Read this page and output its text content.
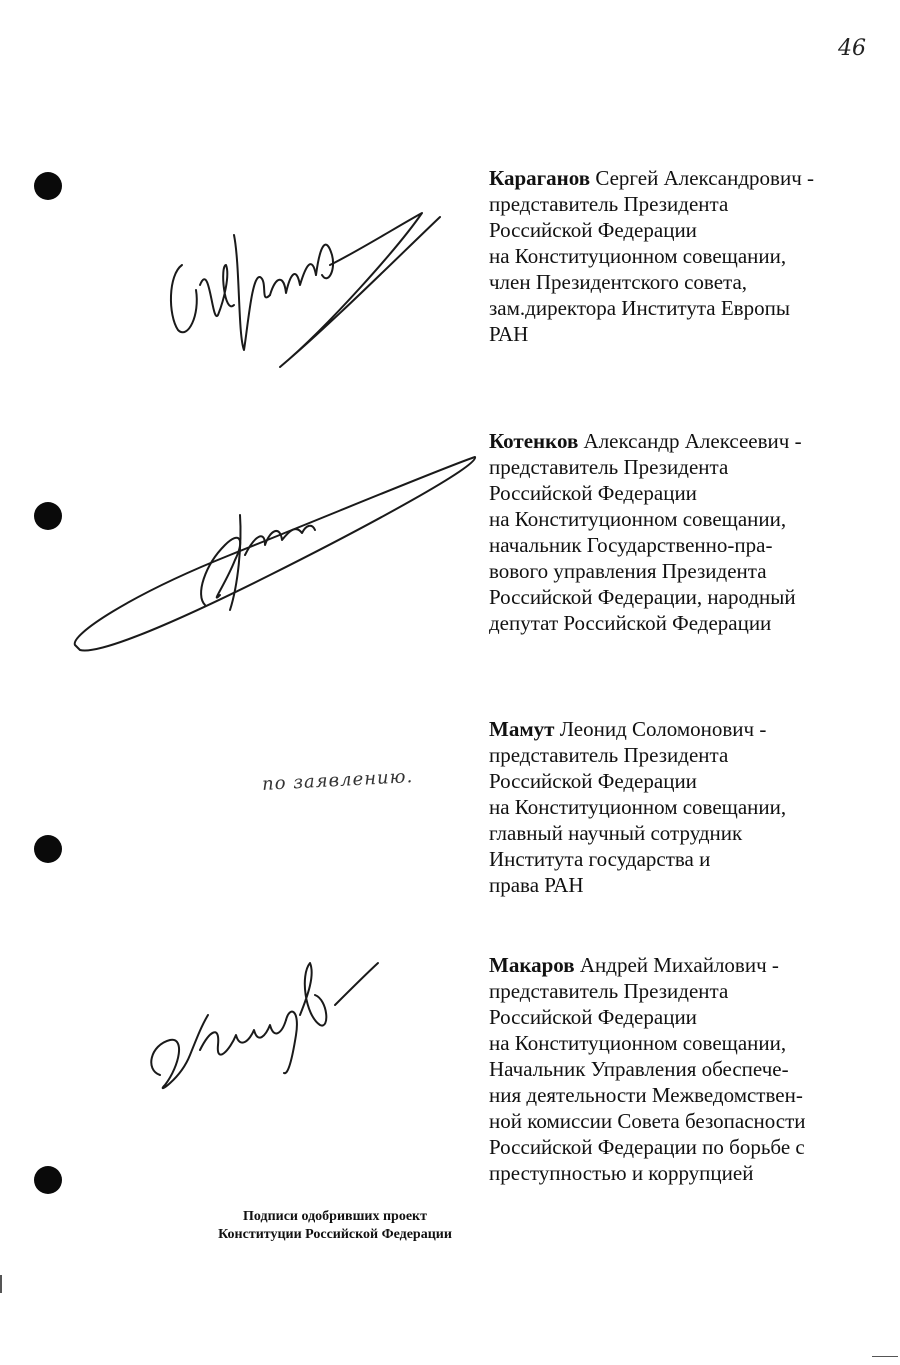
46
по заявлению.
Караганов Сергей Александрович -
представитель Президента
Российской Федерации
на Конституционном совещании,
член Президентского совета,
зам.директора Института Европы
РАН
Котенков Александр Алексеевич -
представитель Президента
Российской Федерации
на Конституционном совещании,
начальник Государственно-пра-
вового управления Президента
Российской Федерации, народный
депутат Российской Федерации
Мамут Леонид Соломонович -
представитель Президента
Российской Федерации
на Конституционном совещании,
главный научный сотрудник
Института государства и
права РАН
Макаров Андрей Михайлович -
представитель Президента
Российской Федерации
на Конституционном совещании,
Начальник Управления обеспече-
ния деятельности Межведомствен-
ной комиссии Совета безопасности
Российской Федерации по борьбе с
преступностью и коррупцией
Подписи одобривших проект
Конституции Российской Федерации
